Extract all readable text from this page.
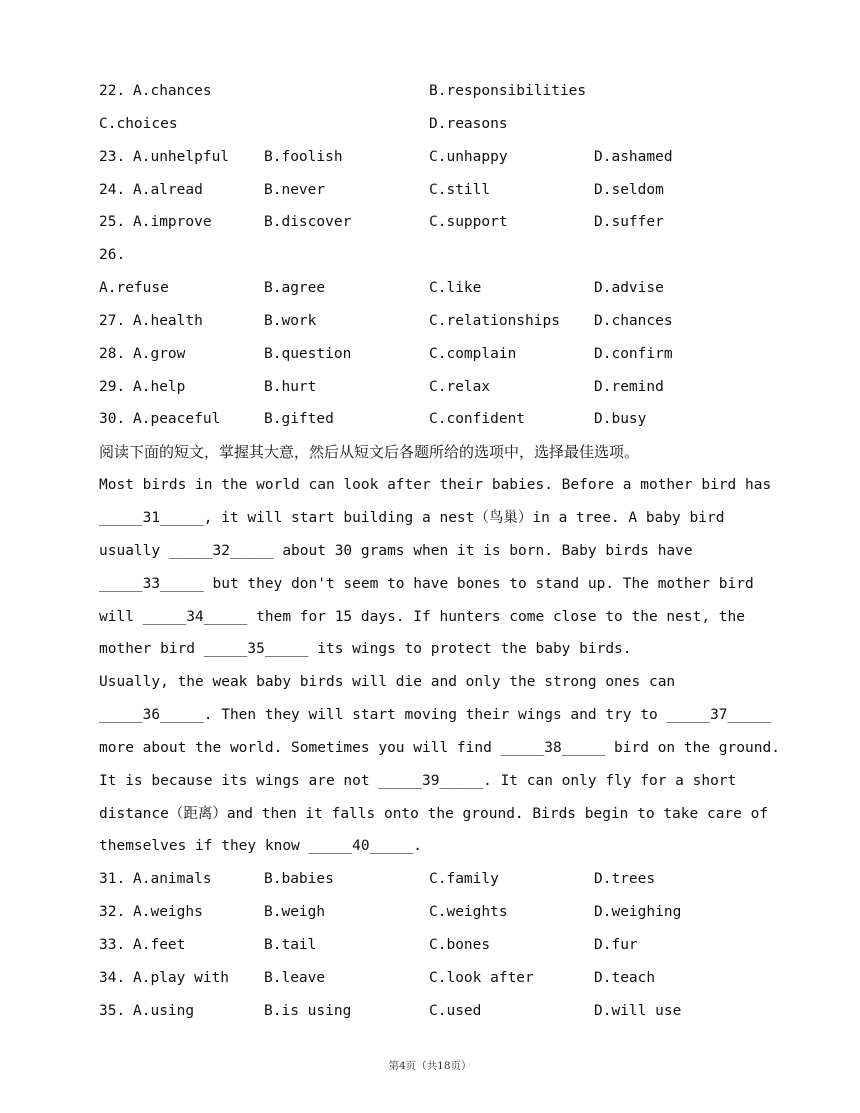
22. A.chances	B.responsibilities
C.choices	D.reasons
23. A.unhelpful B.foolish	C.unhappy	D.ashamed
24. A.alread	B.never	C.still	D.seldom
25. A.improve	B.discover	C.support	D.suffer
26.
A.refuse	B.agree	C.like	D.advise
27. A.health	B.work	C.relationships D.chances
28. A.grow	B.question	C.complain	D.confirm
29. A.help	B.hurt	C.relax	D.remind
30. A.peaceful	B.gifted	C.confident	D.busy
阅读下面的短文，掌握其大意，然后从短文后各题所给的选项中，选择最佳选项。
Most birds in the world can look after their babies. Before a mother bird has
_____31_____, it will start building a nest（鸟巢）in a tree. A baby bird
usually _____32_____ about 30 grams when it is born. Baby birds have
_____33_____ but they don't seem to have bones to stand up. The mother bird
will _____34_____ them for 15 days. If hunters come close to the nest, the
mother bird _____35_____ its wings to protect the baby birds.
Usually, the weak baby birds will die and only the strong ones can
_____36_____. Then they will start moving their wings and try to _____37_____
more about the world. Sometimes you will find _____38_____ bird on the ground.
It is because its wings are not _____39_____. It can only fly for a short
distance（距离）and then it falls onto the ground. Birds begin to take care of
themselves if they know _____40_____.
31. A.animals	B.babies	C.family	D.trees
32. A.weighs	B.weigh	C.weights	D.weighing
33. A.feet	B.tail	C.bones	D.fur
34. A.play with B.leave	C.look after	D.teach
35. A.using	B.is using	C.used	D.will use
第4页（共18页）
